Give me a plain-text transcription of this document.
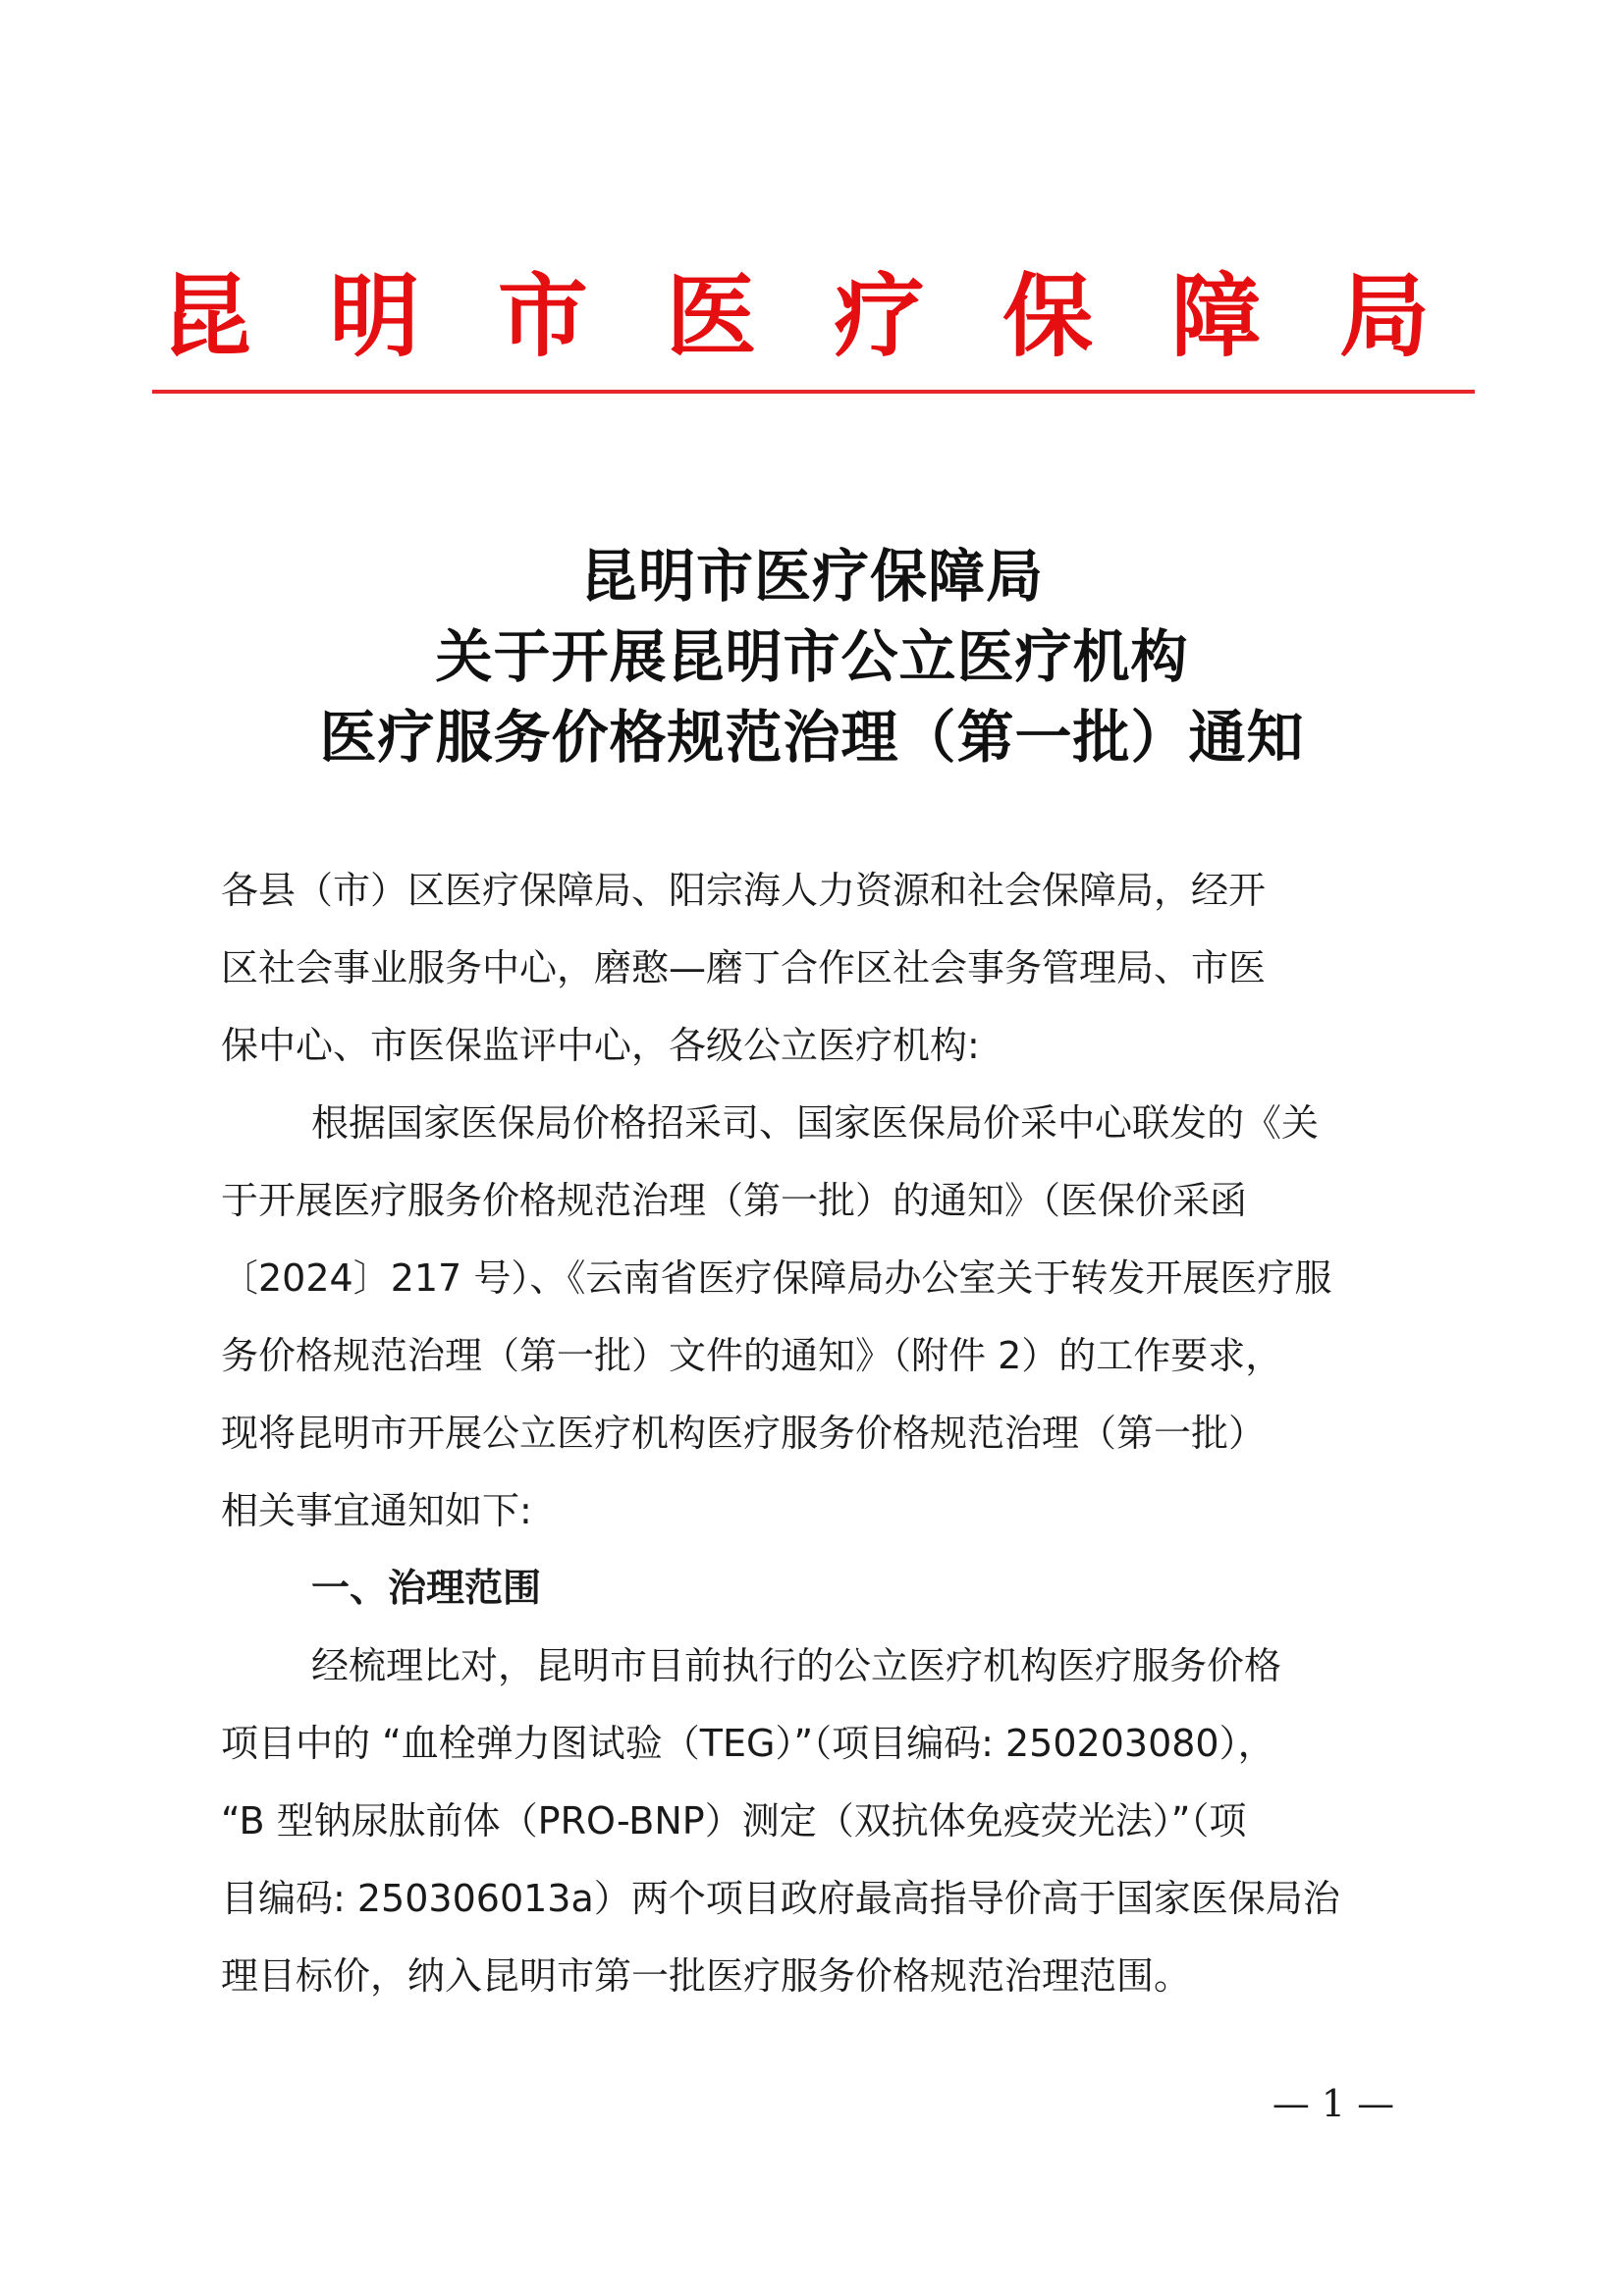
昆 明 市 医 疗 保 障 局
昆明市医疗保障局
关于开展昆明市公立医疗机构
医疗服务价格规范治理（第一批）通知
各县（市）区医疗保障局、阳宗海人力资源和社会保障局，经开
区社会事业服务中心，磨憨—磨丁合作区社会事务管理局、市医
保中心、市医保监评中心，各级公立医疗机构:
根据国家医保局价格招采司、国家医保局价采中心联发的《关
于开展医疗服务价格规范治理（第一批）的通知》（医保价采函
〔2024〕217 号）、《云南省医疗保障局办公室关于转发开展医疗服
务价格规范治理（第一批）文件的通知》（附件 2）的工作要求，
现将昆明市开展公立医疗机构医疗服务价格规范治理（第一批）
相关事宜通知如下:
一、治理范围
经梳理比对，昆明市目前执行的公立医疗机构医疗服务价格
项目中的 “血栓弹力图试验（TEG）”（项目编码: 250203080），
“B 型钠尿肽前体（PRO-BNP）测定（双抗体免疫荧光法）”（项
目编码: 250306013a）两个项目政府最高指导价高于国家医保局治
理目标价，纳入昆明市第一批医疗服务价格规范治理范围。
— 1 —
